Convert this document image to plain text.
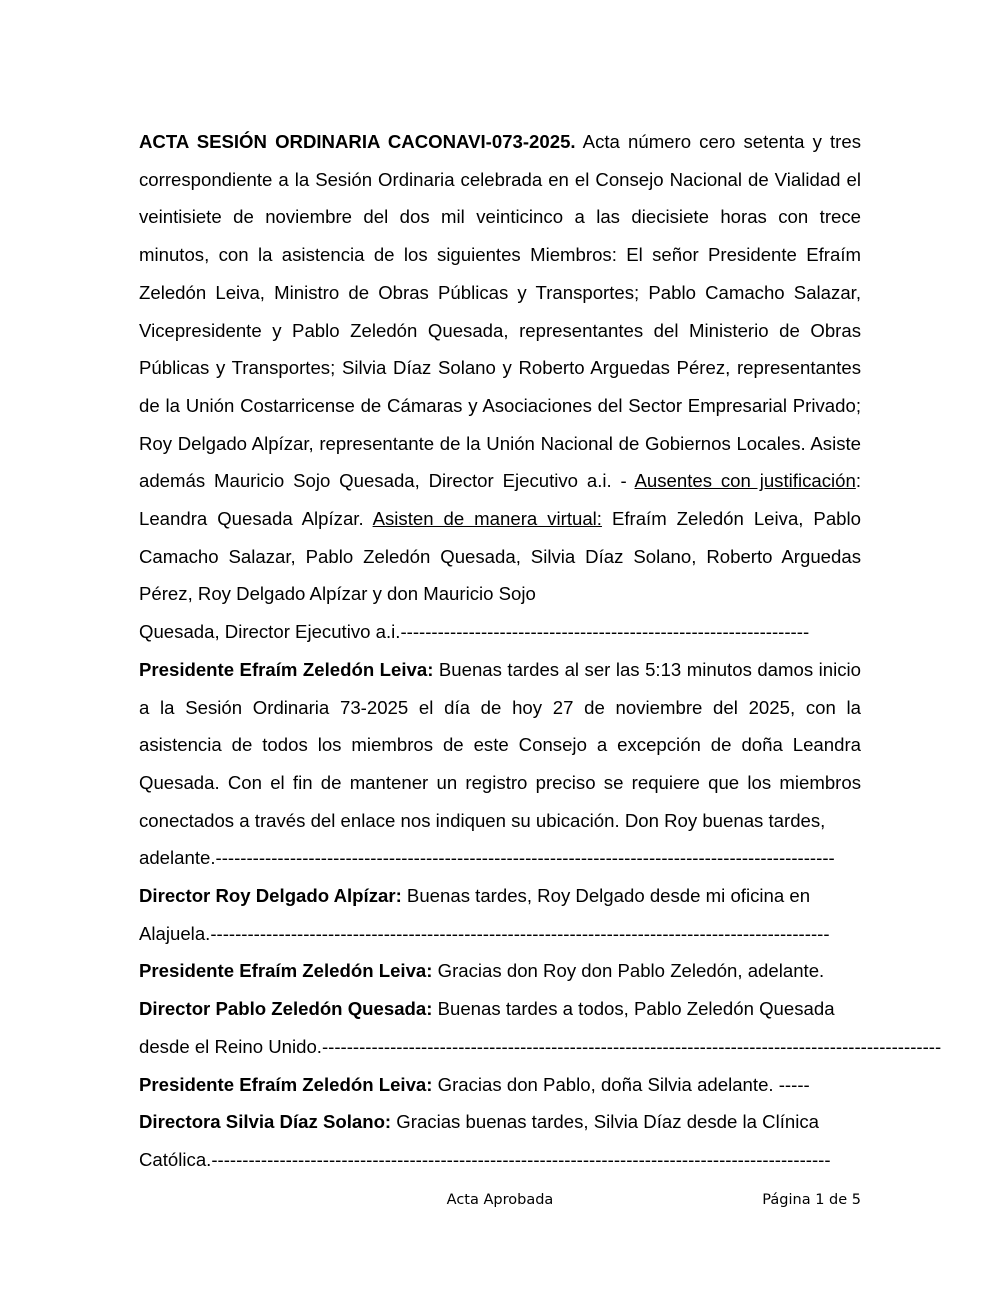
ACTA SESIÓN ORDINARIA CACONAVI-073-2025. Acta número cero setenta y tres correspondiente a la Sesión Ordinaria celebrada en el Consejo Nacional de Vialidad el veintisiete de noviembre del dos mil veinticinco a las diecisiete horas con trece minutos, con la asistencia de los siguientes Miembros: El señor Presidente Efraím Zeledón Leiva, Ministro de Obras Públicas y Transportes; Pablo Camacho Salazar, Vicepresidente y Pablo Zeledón Quesada, representantes del Ministerio de Obras Públicas y Transportes; Silvia Díaz Solano y Roberto Arguedas Pérez, representantes de la Unión Costarricense de Cámaras y Asociaciones del Sector Empresarial Privado; Roy Delgado Alpízar, representante de la Unión Nacional de Gobiernos Locales. Asiste además Mauricio Sojo Quesada, Director Ejecutivo a.i. - Ausentes con justificación: Leandra Quesada Alpízar. Asisten de manera virtual: Efraím Zeledón Leiva, Pablo Camacho Salazar, Pablo Zeledón Quesada, Silvia Díaz Solano, Roberto Arguedas Pérez, Roy Delgado Alpízar y don Mauricio Sojo

Quesada, Director Ejecutivo a.i. ------------------------------------------------------------------

Presidente Efraím Zeledón Leiva: Buenas tardes al ser las 5:13 minutos damos inicio a la Sesión Ordinaria 73-2025 el día de hoy 27 de noviembre del 2025, con la asistencia de todos los miembros de este Consejo a excepción de doña Leandra Quesada. Con el fin de mantener un registro preciso se requiere que los miembros conectados a través del enlace nos indiquen su ubicación. Don Roy buenas tardes,

adelante. ----------------------------------------------------------------------------------------------------

Director Roy Delgado Alpízar: Buenas tardes, Roy Delgado desde mi oficina en

Alajuela. ----------------------------------------------------------------------------------------------------

Presidente Efraím Zeledón Leiva: Gracias don Roy don Pablo Zeledón, adelante.

Director Pablo Zeledón Quesada: Buenas tardes a todos, Pablo Zeledón Quesada

desde el Reino Unido. ----------------------------------------------------------------------------------------------------

Presidente Efraím Zeledón Leiva: Gracias don Pablo, doña Silvia adelante. -----

Directora Silvia Díaz Solano: Gracias buenas tardes, Silvia Díaz desde la Clínica

Católica. ----------------------------------------------------------------------------------------------------
Acta Aprobada	Página 1 de 5
